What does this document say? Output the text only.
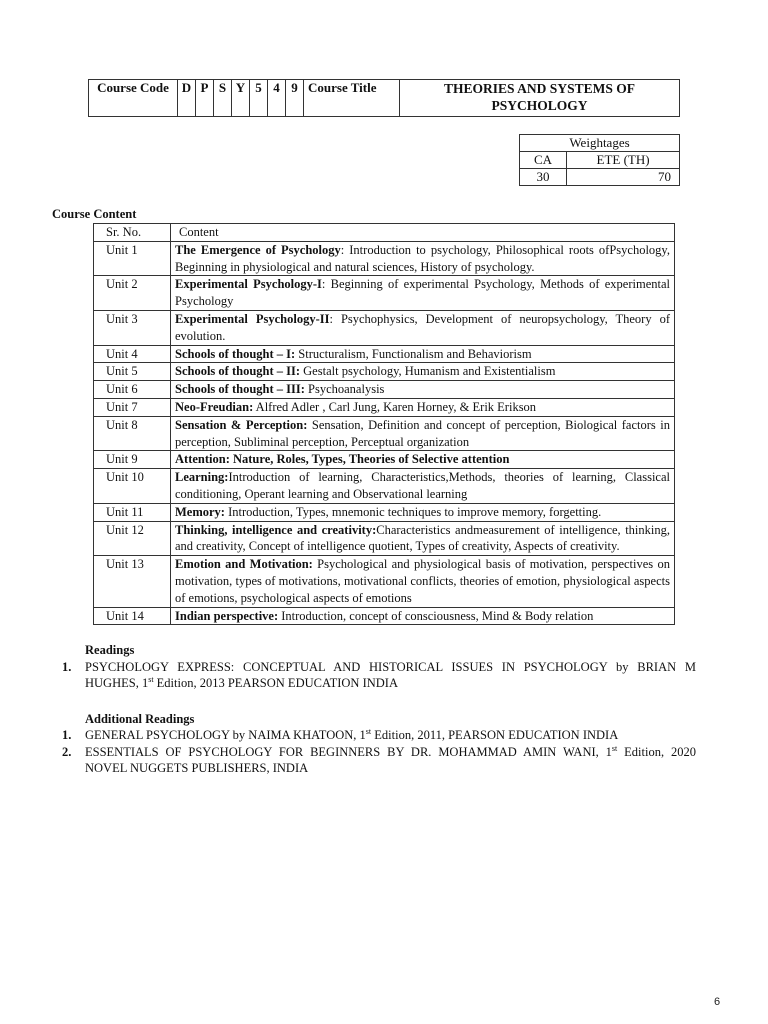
Course Code	D	P	S	Y	5	4	9	Course Title	THEORIES AND SYSTEMS OF PSYCHOLOGY
Weightages	
CA	ETE (TH)
30	70
Course Content
Sr. No.	Content
Unit 1	The Emergence of Psychology: Introduction to psychology, Philosophical roots ofPsychology, Beginning in physiological and natural sciences, History of psychology.
Unit 2	Experimental Psychology-I: Beginning of experimental Psychology, Methods of experimental Psychology
Unit 3	Experimental Psychology-II: Psychophysics, Development of neuropsychology, Theory of evolution.
Unit 4	Schools of thought – I: Structuralism, Functionalism and Behaviorism
Unit 5	Schools of thought – II: Gestalt psychology, Humanism and Existentialism
Unit 6	Schools of thought – III: Psychoanalysis
Unit 7	Neo-Freudian: Alfred Adler , Carl Jung, Karen Horney, & Erik Erikson
Unit 8	Sensation & Perception: Sensation, Definition and concept of perception, Biological factors in perception, Subliminal perception, Perceptual organization
Unit 9	Attention: Nature, Roles, Types, Theories of Selective attention
Unit 10	Learning:Introduction of learning, Characteristics,Methods, theories of learning, Classical conditioning, Operant learning and Observational learning
Unit 11	Memory: Introduction, Types, mnemonic techniques to improve memory, forgetting.
Unit 12	Thinking, intelligence and creativity:Characteristics andmeasurement of intelligence, thinking, and creativity, Concept of intelligence quotient, Types of creativity, Aspects of creativity.
Unit 13	Emotion and Motivation: Psychological and physiological basis of motivation, perspectives on motivation, types of motivations, motivational conflicts, theories of emotion, physiological aspects of emotions, psychological aspects of emotions
Unit 14	Indian perspective: Introduction, concept of consciousness, Mind & Body relation
Readings
1. PSYCHOLOGY EXPRESS: CONCEPTUAL AND HISTORICAL ISSUES IN PSYCHOLOGY by BRIAN M HUGHES, 1st Edition, 2013 PEARSON EDUCATION INDIA
Additional Readings
1. GENERAL PSYCHOLOGY by NAIMA KHATOON, 1st Edition, 2011, PEARSON EDUCATION INDIA
2. ESSENTIALS OF PSYCHOLOGY FOR BEGINNERS BY DR. MOHAMMAD AMIN WANI, 1st Edition, 2020 NOVEL NUGGETS PUBLISHERS, INDIA
6
